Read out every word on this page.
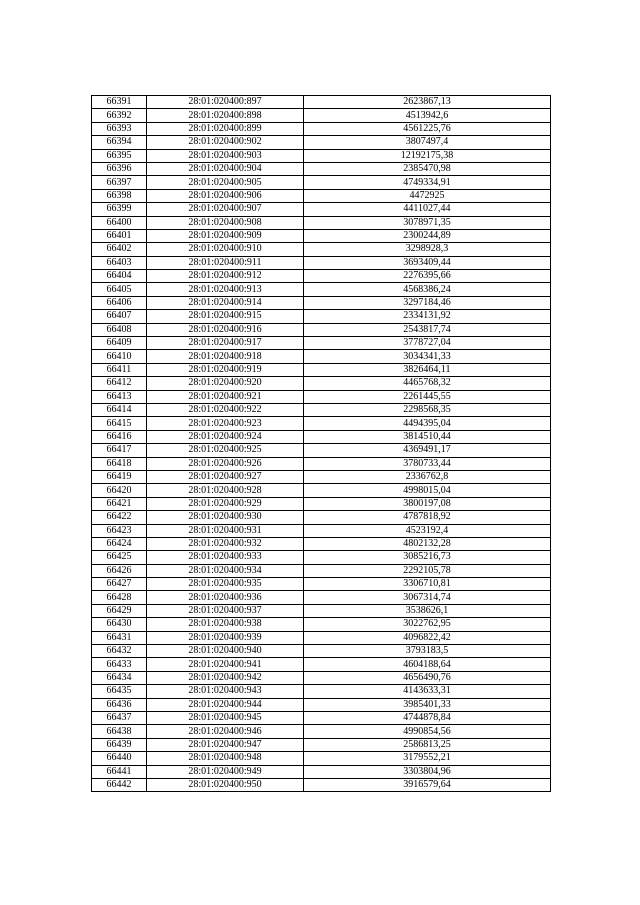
66391	28:01:020400:897	2623867,13
66392	28:01:020400:898	4513942,6
66393	28:01:020400:899	4561225,76
66394	28:01:020400:902	3807497,4
66395	28:01:020400:903	12192175,38
66396	28:01:020400:904	2385470,98
66397	28:01:020400:905	4749334,91
66398	28:01:020400:906	4472925
66399	28:01:020400:907	4411027,44
66400	28:01:020400:908	3078971,35
66401	28:01:020400:909	2300244,89
66402	28:01:020400:910	3298928,3
66403	28:01:020400:911	3693409,44
66404	28:01:020400:912	2276395,66
66405	28:01:020400:913	4568386,24
66406	28:01:020400:914	3297184,46
66407	28:01:020400:915	2334131,92
66408	28:01:020400:916	2543817,74
66409	28:01:020400:917	3778727,04
66410	28:01:020400:918	3034341,33
66411	28:01:020400:919	3826464,11
66412	28:01:020400:920	4465768,32
66413	28:01:020400:921	2261445,55
66414	28:01:020400:922	2298568,35
66415	28:01:020400:923	4494395,04
66416	28:01:020400:924	3814510,44
66417	28:01:020400:925	4369491,17
66418	28:01:020400:926	3780733,44
66419	28:01:020400:927	2336762,8
66420	28:01:020400:928	4998015,04
66421	28:01:020400:929	3800197,08
66422	28:01:020400:930	4787818,92
66423	28:01:020400:931	4523192,4
66424	28:01:020400:932	4802132,28
66425	28:01:020400:933	3085216,73
66426	28:01:020400:934	2292105,78
66427	28:01:020400:935	3306710,81
66428	28:01:020400:936	3067314,74
66429	28:01:020400:937	3538626,1
66430	28:01:020400:938	3022762,95
66431	28:01:020400:939	4096822,42
66432	28:01:020400:940	3793183,5
66433	28:01:020400:941	4604188,64
66434	28:01:020400:942	4656490,76
66435	28:01:020400:943	4143633,31
66436	28:01:020400:944	3985401,33
66437	28:01:020400:945	4744878,84
66438	28:01:020400:946	4990854,56
66439	28:01:020400:947	2586813,25
66440	28:01:020400:948	3179552,21
66441	28:01:020400:949	3303804,96
66442	28:01:020400:950	3916579,64
